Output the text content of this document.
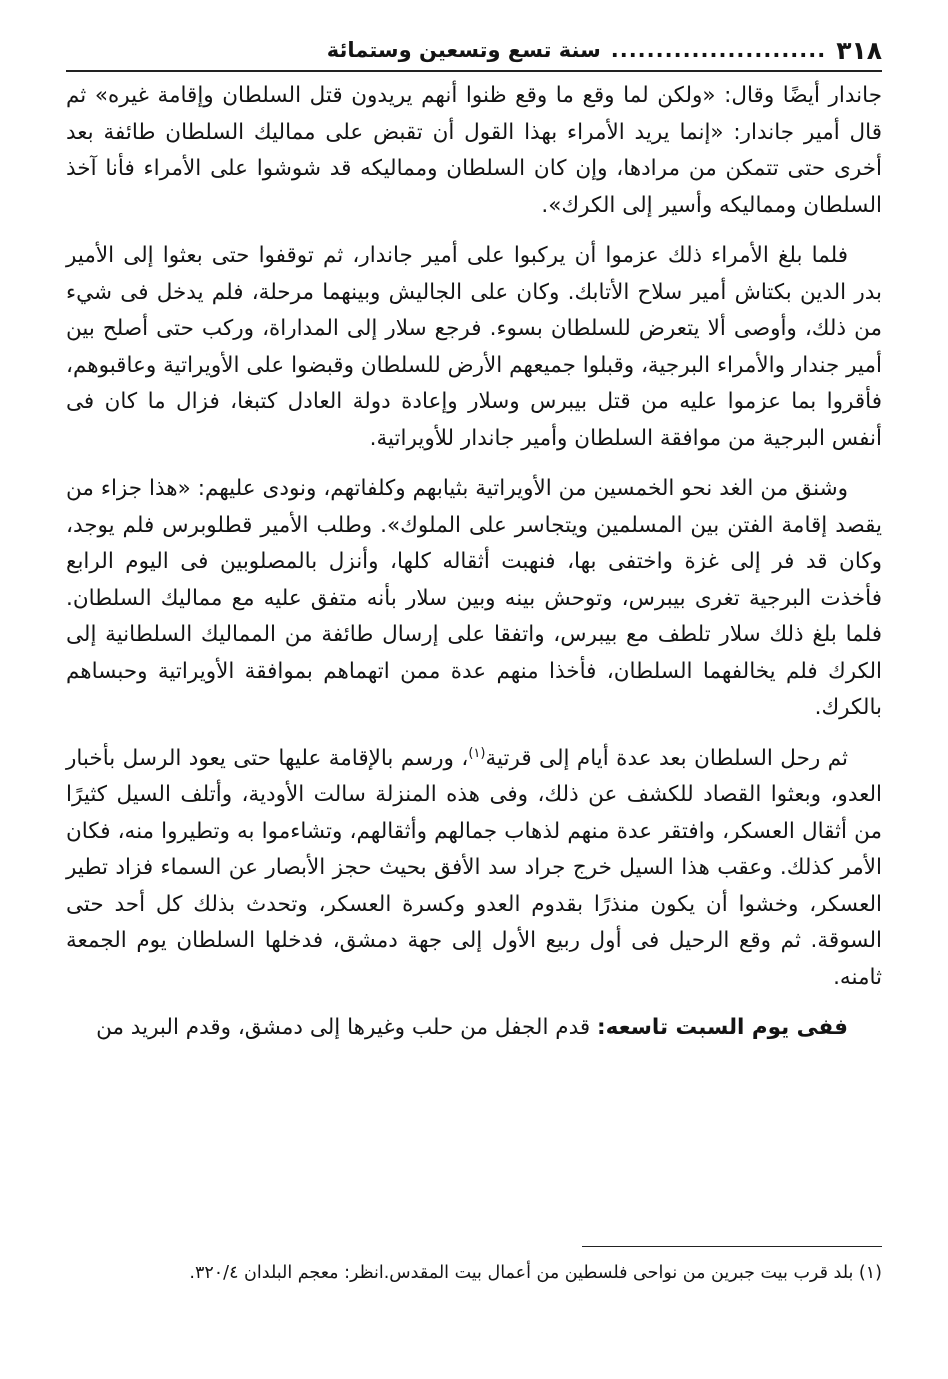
٣١٨
........................
سنة تسع وتسعين وستمائة

جاندار أيضًا وقال: «ولكن لما وقع ما وقع ظنوا أنهم يريدون قتل السلطان وإقامة غيره» ثم قال أمير جاندار: «إنما يريد الأمراء بهذا القول أن تقبض على مماليك السلطان طائفة بعد أخرى حتى تتمكن من مرادها، وإن كان السلطان ومماليكه قد شوشوا على الأمراء فأنا آخذ السلطان ومماليكه وأسير إلى الكرك».

فلما بلغ الأمراء ذلك عزموا أن يركبوا على أمير جاندار، ثم توقفوا حتى بعثوا إلى الأمير بدر الدين بكتاش أمير سلاح الأتابك. وكان على الجاليش وبينهما مرحلة، فلم يدخل فى شيء من ذلك، وأوصى ألا يتعرض للسلطان بسوء. فرجع سلار إلى المداراة، وركب حتى أصلح بين أمير جندار والأمراء البرجية، وقبلوا جميعهم الأرض للسلطان وقبضوا على الأويراتية وعاقبوهم، فأقروا بما عزموا عليه من قتل بيبرس وسلار وإعادة دولة العادل كتبغا، فزال ما كان فى أنفس البرجية من موافقة السلطان وأمير جاندار للأويراتية.

وشنق من الغد نحو الخمسين من الأويراتية بثيابهم وكلفاتهم، ونودى عليهم: «هذا جزاء من يقصد إقامة الفتن بين المسلمين ويتجاسر على الملوك». وطلب الأمير قطلوبرس فلم يوجد، وكان قد فر إلى غزة واختفى بها، فنهبت أثقاله كلها، وأنزل بالمصلوبين فى اليوم الرابع فأخذت البرجية تغرى بيبرس، وتوحش بينه وبين سلار بأنه متفق عليه مع مماليك السلطان. فلما بلغ ذلك سلار تلطف مع بيبرس، واتفقا على إرسال طائفة من المماليك السلطانية إلى الكرك فلم يخالفهما السلطان، فأخذا منهم عدة ممن اتهماهم بموافقة الأويراتية وحبساهم بالكرك.

ثم رحل السلطان بعد عدة أيام إلى قرتية$^{(١)}$، ورسم بالإقامة عليها حتى يعود الرسل بأخبار العدو، وبعثوا القصاد للكشف عن ذلك، وفى هذه المنزلة سالت الأودية، وأتلف السيل كثيرًا من أثقال العسكر، وافتقر عدة منهم لذهاب جمالهم وأثقالهم، وتشاءموا به وتطيروا منه، فكان الأمر كذلك. وعقب هذا السيل خرج جراد سد الأفق بحيث حجز الأبصار عن السماء فزاد تطير العسكر، وخشوا أن يكون منذرًا بقدوم العدو وكسرة العسكر، وتحدث بذلك كل أحد حتى السوقة. ثم وقع الرحيل فى أول ربيع الأول إلى جهة دمشق، فدخلها السلطان يوم الجمعة ثامنه.

ففى يوم السبت تاسعه: قدم الجفل من حلب وغيرها إلى دمشق، وقدم البريد من

(١) بلد قرب بيت جبرين من نواحى فلسطين من أعمال بيت المقدس.انظر: معجم البلدان ٣٢٠/٤.
